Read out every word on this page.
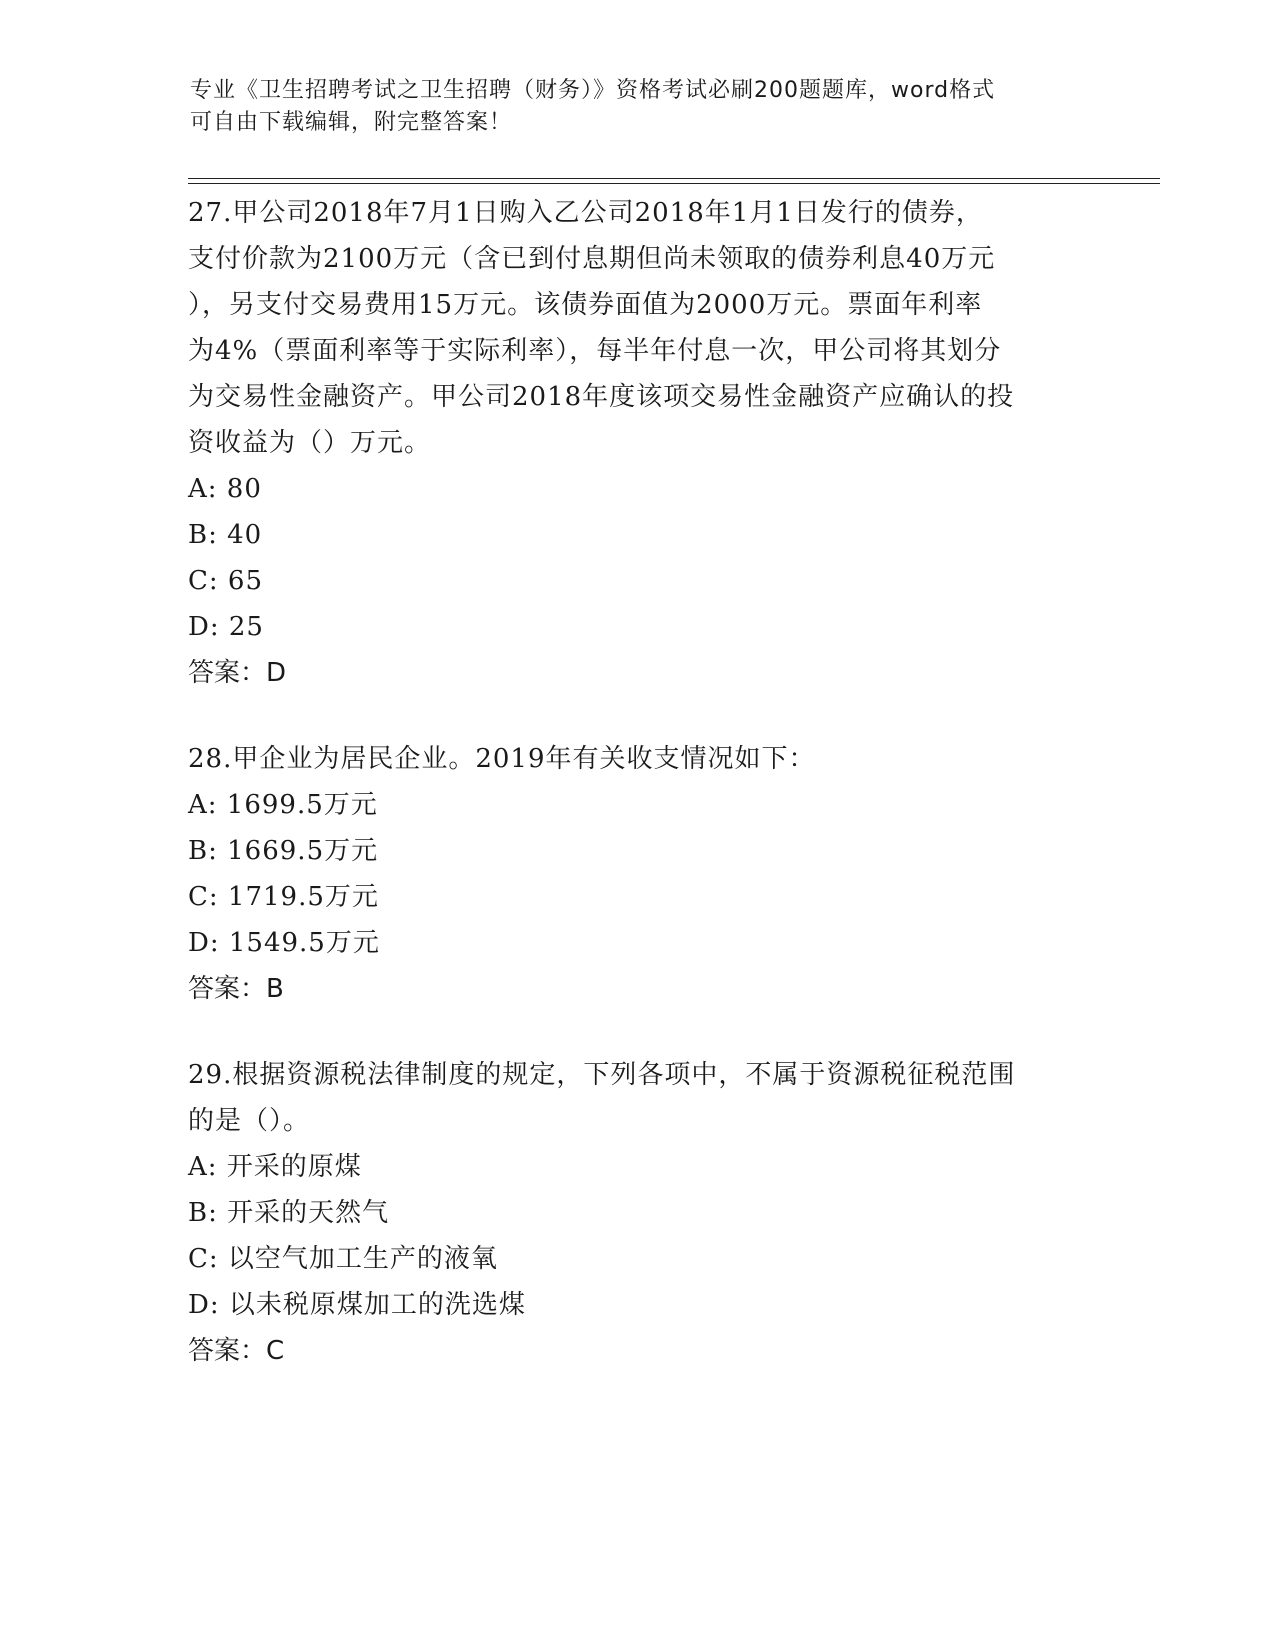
专业《卫生招聘考试之卫生招聘（财务）》资格考试必刷200题题库，word格式
可自由下载编辑，附完整答案！
27.甲公司2018年7月1日购入乙公司2018年1月1日发行的债券，
支付价款为2100万元（含已到付息期但尚未领取的债券利息40万元
），另支付交易费用15万元。该债券面值为2000万元。票面年利率
为4%（票面利率等于实际利率），每半年付息一次，甲公司将其划分
为交易性金融资产。甲公司2018年度该项交易性金融资产应确认的投
资收益为（）万元。
A: 80
B: 40
C: 65
D: 25
答案：D
28.甲企业为居民企业。2019年有关收支情况如下：
A: 1699.5万元
B: 1669.5万元
C: 1719.5万元
D: 1549.5万元
答案：B
29.根据资源税法律制度的规定，下列各项中，不属于资源税征税范围
的是（）。
A: 开采的原煤
B: 开采的天然气
C: 以空气加工生产的液氧
D: 以未税原煤加工的洗选煤
答案：C
